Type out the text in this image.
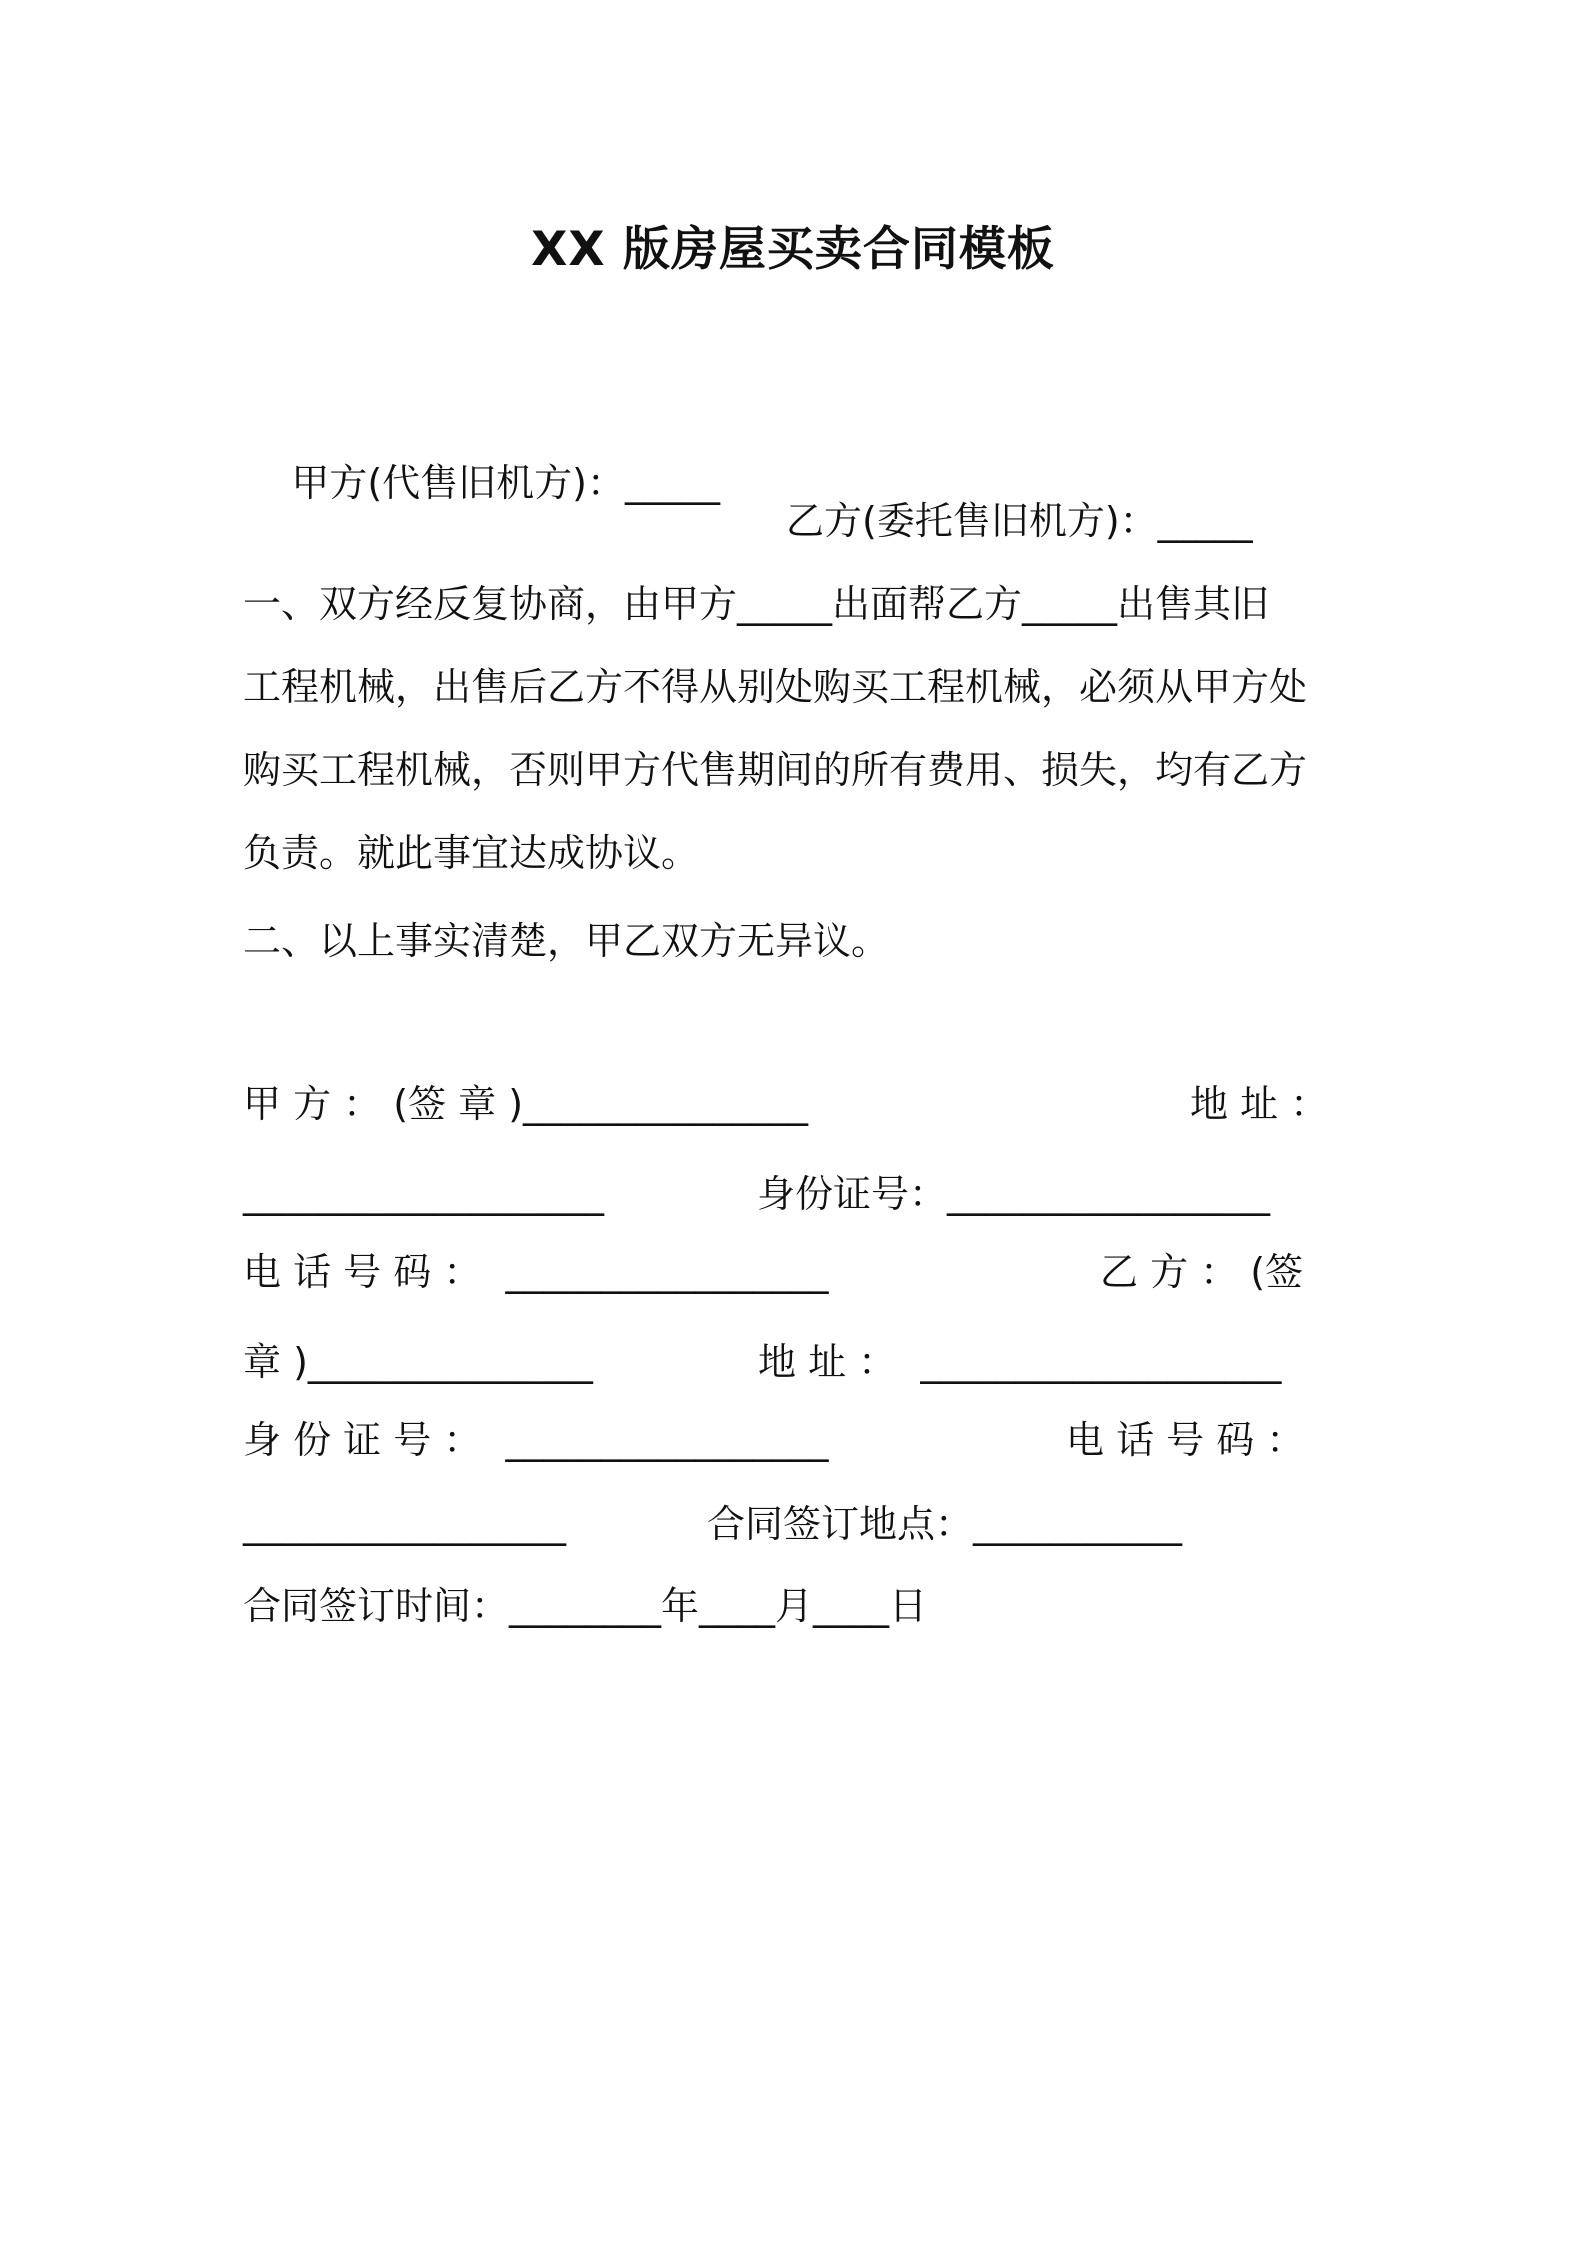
XX 版房屋买卖合同模板

甲方(代售旧机方)：_____

乙方(委托售旧机方)：_____

一、双方经反复协商，由甲方_____出面帮乙方_____出售其旧
工程机械，出售后乙方不得从别处购买工程机械，必须从甲方处
购买工程机械，否则甲方代售期间的所有费用、损失，均有乙方
负责。就此事宜达成协议。
二、以上事实清楚，甲乙双方无异议。
甲 方 ： (签 章 )_______________	地 址 ：
___________________	身份证号：_________________
电 话 号 码 ：  _________________	乙 方 ： (签
章 )_______________	地 址 ：  ___________________
身 份 证 号 ：  _________________	电 话 号 码 ：
_________________	合同签订地点：___________
合同签订时间：________年____月____日
